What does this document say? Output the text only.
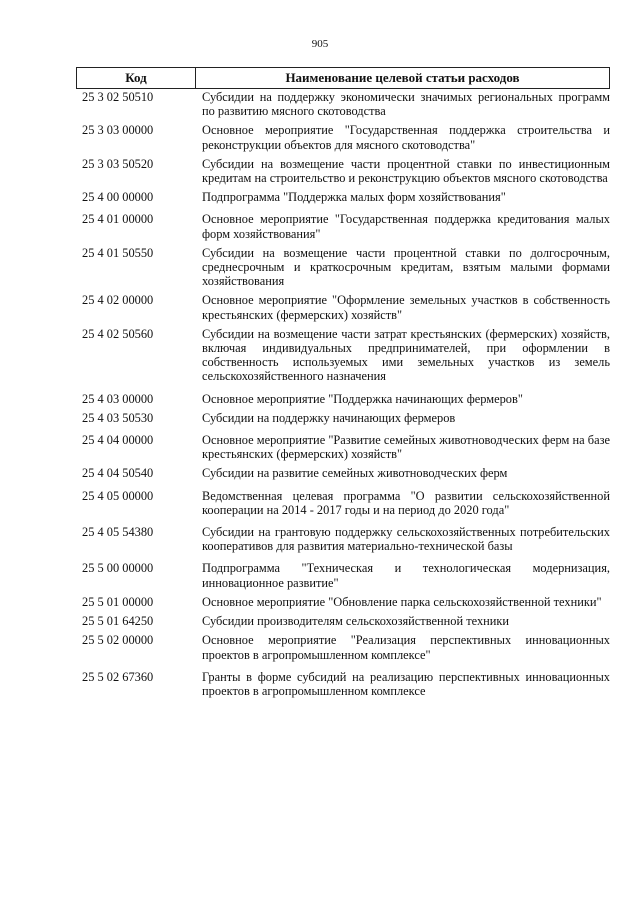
905
Код	Наименование целевой статьи расходов
25 3 02 50510	Субсидии на поддержку экономически значимых региональных программ по развитию мясного скотоводства
25 3 03 00000	Основное мероприятие "Государственная поддержка строительства и реконструкции объектов для мясного скотоводства"
25 3 03 50520	Субсидии на возмещение части процентной ставки по инвестиционным кредитам на строительство и реконструкцию объектов мясного скотоводства
25 4 00 00000	Подпрограмма "Поддержка малых форм хозяйствования"
25 4 01 00000	Основное мероприятие "Государственная поддержка кредитования малых форм хозяйствования"
25 4 01 50550	Субсидии на возмещение части процентной ставки по долгосрочным, среднесрочным и краткосрочным кредитам, взятым малыми формами хозяйствования
25 4 02 00000	Основное мероприятие "Оформление земельных участков в собственность крестьянских (фермерских) хозяйств"
25 4 02 50560	Субсидии на возмещение части затрат крестьянских (фермерских) хозяйств, включая индивидуальных предпринимателей, при оформлении в собственность используемых ими земельных участков из земель сельскохозяйственного назначения
25 4 03 00000	Основное мероприятие "Поддержка начинающих фермеров"
25 4 03 50530	Субсидии на поддержку начинающих фермеров
25 4 04 00000	Основное мероприятие "Развитие семейных животноводческих ферм на базе крестьянских (фермерских) хозяйств"
25 4 04 50540	Субсидии на развитие семейных животноводческих ферм
25 4 05 00000	Ведомственная целевая программа "О развитии сельскохозяйственной кооперации на 2014 - 2017 годы и на период до 2020 года"
25 4 05 54380	Субсидии на грантовую поддержку сельскохозяйственных потребительских кооперативов для развития материально-технической базы
25 5 00 00000	Подпрограмма "Техническая и технологическая модернизация, инновационное развитие"
25 5 01 00000	Основное мероприятие "Обновление парка сельскохозяйственной техники"
25 5 01 64250	Субсидии производителям сельскохозяйственной техники
25 5 02 00000	Основное мероприятие "Реализация перспективных инновационных проектов в агропромышленном комплексе"
25 5 02 67360	Гранты в форме субсидий на реализацию перспективных инновационных проектов в агропромышленном комплексе
